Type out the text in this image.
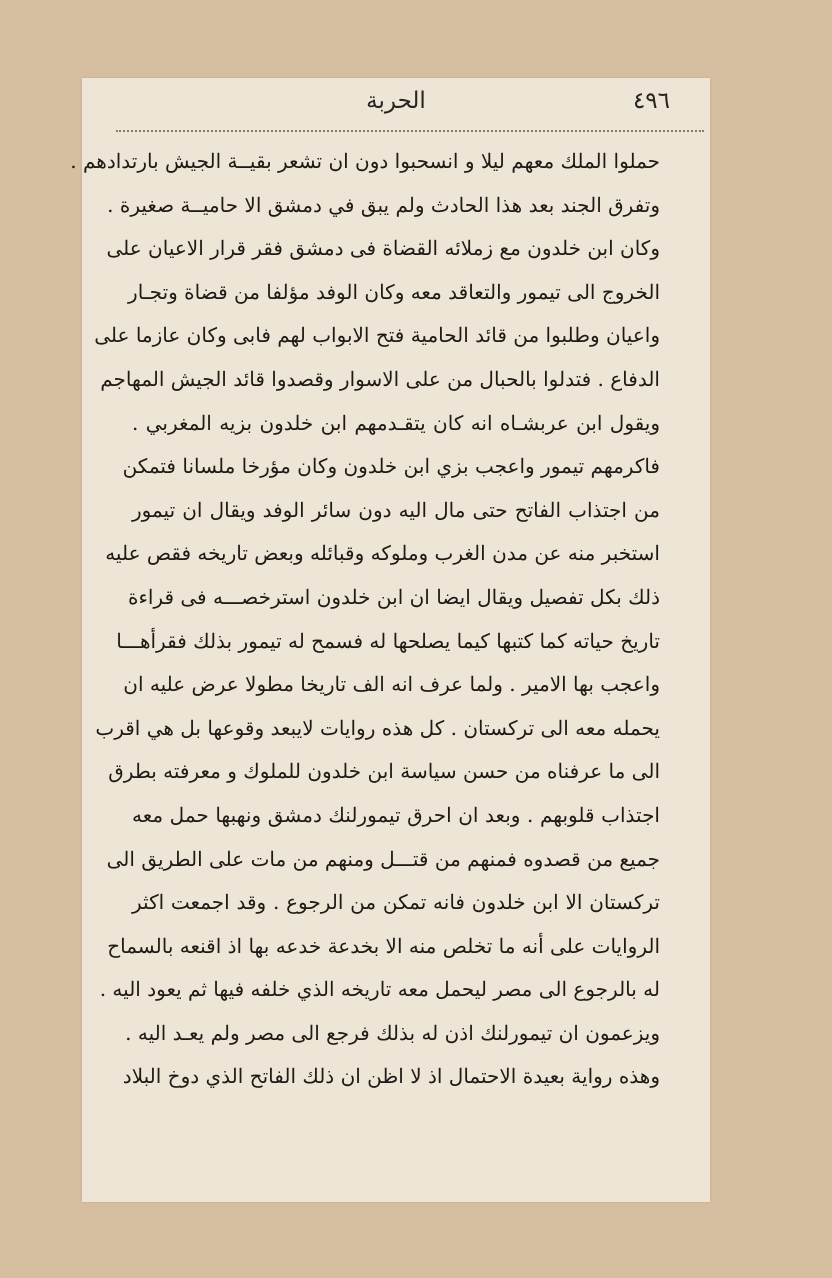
٤٩٦
الحربة
حملوا الملك معهم ليلا و انسحبوا دون ان تشعر بقيــة الجيش بارتدادهم .
وتفرق الجند بعد هذا الحادث ولم يبق في دمشق الا حاميــة صغيرة .
وكان ابن خلدون مع زملائه القضاة فى دمشق فقر قرار الاعيان على
الخروج الى تيمور والتعاقد معه وكان الوفد مؤلفا من قضاة وتجـار
واعيان وطلبوا من قائد الحامية فتح الابواب لهم فابى وكان عازما على
الدفاع . فتدلوا بالحبال من على الاسوار وقصدوا قائد الجيش المهاجم
ويقول ابن عربشـاه انه كان يتقـدمهم ابن خلدون بزيه المغربي .
فاكرمهم تيمور واعجب بزي ابن خلدون وكان مؤرخا ملسانا فتمكن
من اجتذاب الفاتح حتى مال اليه دون سائر الوفد ويقال ان تيمور
استخبر منه عن مدن الغرب وملوكه وقبائله وبعض تاريخه فقص عليه
ذلك بكل تفصيل ويقال ايضا ان ابن خلدون استرخصـــه فى قراءة
تاريخ حياته كما كتبها كيما يصلحها له فسمح له تيمور بذلك فقرأهـــا
واعجب بها الامير . ولما عرف انه الف تاريخا مطولا عرض عليه ان
يحمله معه الى تركستان . كل هذه روايات لايبعد وقوعها بل هي اقرب
الى ما عرفناه من حسن سياسة ابن خلدون للملوك و معرفته بطرق
اجتذاب قلوبهم . وبعد ان احرق تيمورلنك دمشق ونهبها حمل معه
جميع من قصدوه فمنهم من قتـــل ومنهم من مات على الطريق الى
تركستان الا ابن خلدون فانه تمكن من الرجوع . وقد اجمعت اكثر
الروايات على أنه ما تخلص منه الا بخدعة خدعه بها اذ اقنعه بالسماح
له بالرجوع الى مصر ليحمل معه تاريخه الذي خلفه فيها ثم يعود اليه .
ويزعمون ان تيمورلنك اذن له بذلك فرجع الى مصر ولم يعـد اليه .
وهذه رواية بعيدة الاحتمال اذ لا اظن ان ذلك الفاتح الذي دوخ البلاد
